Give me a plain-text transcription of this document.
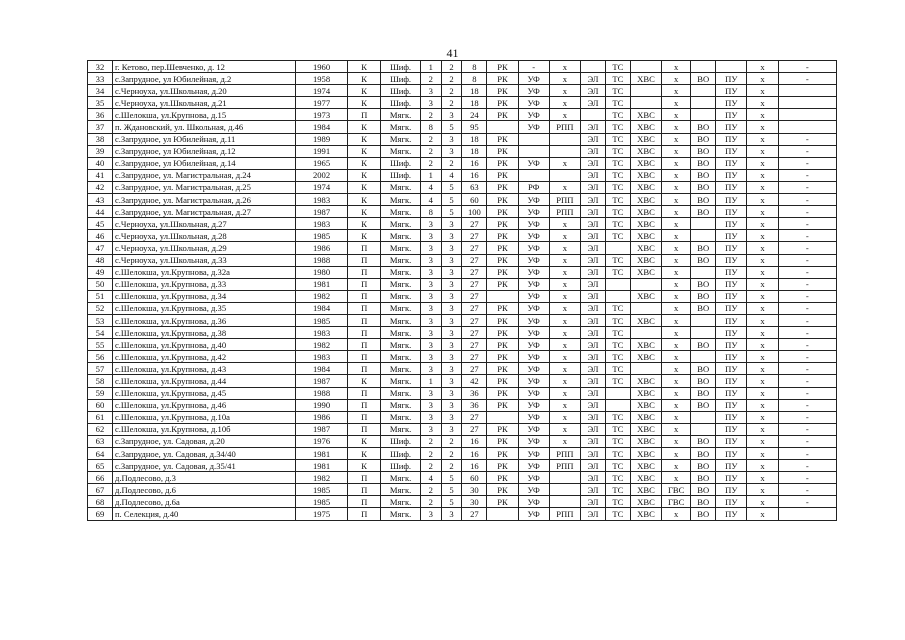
41
32	г. Кетово, пер.Шевченко, д. 12	1960	К	Шиф.	1	2	8	РК	-	х		ТС		х			х	-
33	с.Запрудное, ул Юбилейная, д.2	1958	К	Шиф.	2	2	8	РК	УФ	х	ЭЛ	ТС	ХВС	х	ВО	ПУ	х	-
34	с.Черноуха, ул.Школьная, д.20	1974	К	Шиф.	3	2	18	РК	УФ	х	ЭЛ	ТС		х		ПУ	х	
35	с.Черноуха, ул.Школьная, д.21	1977	К	Шиф.	3	2	18	РК	УФ	х	ЭЛ	ТС		х		ПУ	х	
36	с.Шелокша, ул.Крупнова, д.15	1973	П	Мягк.	2	3	24	РК	УФ	х		ТС	ХВС	х		ПУ	х	
37	п. Ждановский, ул. Школьная, д.46	1984	К	Мягк.	8	5	95		УФ	РПП	ЭЛ	ТС	ХВС	х	ВО	ПУ	х	
38	с.Запрудное, ул Юбилейная, д.11	1989	К	Мягк.	2	3	18	РК			ЭЛ	ТС	ХВС	х	ВО	ПУ	х	-
39	с.Запрудное, ул Юбилейная, д.12	1991	К	Мягк.	2	3	18	РК			ЭЛ	ТС	ХВС	х	ВО	ПУ	х	-
40	с.Запрудное, ул Юбилейная, д.14	1965	К	Шиф.	2	2	16	РК	УФ	х	ЭЛ	ТС	ХВС	х	ВО	ПУ	х	-
41	с.Запрудное, ул. Магистральная, д.24	2002	К	Шиф.	1	4	16	РК			ЭЛ	ТС	ХВС	х	ВО	ПУ	х	-
42	с.Запрудное, ул. Магистральная, д.25	1974	К	Мягк.	4	5	63	РК	РФ	х	ЭЛ	ТС	ХВС	х	ВО	ПУ	х	-
43	с.Запрудное, ул. Магистральная, д.26	1983	К	Мягк.	4	5	60	РК	УФ	РПП	ЭЛ	ТС	ХВС	х	ВО	ПУ	х	-
44	с.Запрудное, ул. Магистральная, д.27	1987	К	Мягк.	8	5	100	РК	УФ	РПП	ЭЛ	ТС	ХВС	х	ВО	ПУ	х	-
45	с.Черноуха, ул.Школьная, д.27	1983	К	Мягк.	3	3	27	РК	УФ	х	ЭЛ	ТС	ХВС	х		ПУ	х	-
46	с.Черноуха, ул.Школьная, д.28	1985	К	Мягк.	3	3	27	РК	УФ	х	ЭЛ	ТС	ХВС	х		ПУ	х	-
47	с.Черноуха, ул.Школьная, д.29	1986	П	Мягк.	3	3	27	РК	УФ	х	ЭЛ		ХВС	х	ВО	ПУ	х	-
48	с.Черноуха, ул.Школьная, д.33	1988	П	Мягк.	3	3	27	РК	УФ	х	ЭЛ	ТС	ХВС	х	ВО	ПУ	х	-
49	с.Шелокша, ул.Крупнова, д.32а	1980	П	Мягк.	3	3	27	РК	УФ	х	ЭЛ	ТС	ХВС	х		ПУ	х	-
50	с.Шелокша, ул.Крупнова, д.33	1981	П	Мягк.	3	3	27	РК	УФ	х	ЭЛ			х	ВО	ПУ	х	-
51	с.Шелокша, ул.Крупнова, д.34	1982	П	Мягк.	3	3	27		УФ	х	ЭЛ		ХВС	х	ВО	ПУ	х	-
52	с.Шелокша, ул.Крупнова, д.35	1984	П	Мягк.	3	3	27	РК	УФ	х	ЭЛ	ТС		х	ВО	ПУ	х	-
53	с.Шелокша, ул.Крупнова, д.36	1985	П	Мягк.	3	3	27	РК	УФ	х	ЭЛ	ТС	ХВС	х		ПУ	х	-
54	с.Шелокша, ул.Крупнова, д.38	1983	П	Мягк.	3	3	27	РК	УФ	х	ЭЛ	ТС		х		ПУ	х	-
55	с.Шелокша, ул.Крупнова, д.40	1982	П	Мягк.	3	3	27	РК	УФ	х	ЭЛ	ТС	ХВС	х	ВО	ПУ	х	-
56	с.Шелокша, ул.Крупнова, д.42	1983	П	Мягк.	3	3	27	РК	УФ	х	ЭЛ	ТС	ХВС	х		ПУ	х	-
57	с.Шелокша, ул.Крупнова, д.43	1984	П	Мягк.	3	3	27	РК	УФ	х	ЭЛ	ТС		х	ВО	ПУ	х	-
58	с.Шелокша, ул.Крупнова, д.44	1987	К	Мягк.	1	3	42	РК	УФ	х	ЭЛ	ТС	ХВС	х	ВО	ПУ	х	-
59	с.Шелокша, ул.Крупнова, д.45	1988	П	Мягк.	3	3	36	РК	УФ	х	ЭЛ		ХВС	х	ВО	ПУ	х	-
60	с.Шелокша, ул.Крупнова, д.46	1990	П	Мягк.	3	3	36	РК	УФ	х	ЭЛ		ХВС	х	ВО	ПУ	х	-
61	с.Шелокша, ул.Крупнова, д.10а	1986	П	Мягк.	3	3	27		УФ	х	ЭЛ	ТС	ХВС	х		ПУ	х	-
62	с.Шелокша, ул.Крупнова, д.10б	1987	П	Мягк.	3	3	27	РК	УФ	х	ЭЛ	ТС	ХВС	х		ПУ	х	-
63	с.Запрудное, ул. Садовая, д.20	1976	К	Шиф.	2	2	16	РК	УФ	х	ЭЛ	ТС	ХВС	х	ВО	ПУ	х	-
64	с.Запрудное, ул. Садовая, д.34/40	1981	К	Шиф.	2	2	16	РК	УФ	РПП	ЭЛ	ТС	ХВС	х	ВО	ПУ	х	-
65	с.Запрудное, ул. Садовая, д.35/41	1981	К	Шиф.	2	2	16	РК	УФ	РПП	ЭЛ	ТС	ХВС	х	ВО	ПУ	х	-
66	д.Подлесово, д.3	1982	П	Мягк.	4	5	60	РК	УФ		ЭЛ	ТС	ХВС	х	ВО	ПУ	х	-
67	д.Подлесово, д.6	1985	П	Мягк.	2	5	30	РК	УФ		ЭЛ	ТС	ХВС	ГВС	ВО	ПУ	х	-
68	д.Подлесово, д.6а	1985	П	Мягк.	2	5	30	РК	УФ		ЭЛ	ТС	ХВС	ГВС	ВО	ПУ	х	-
69	п. Селекция, д.40	1975	П	Мягк.	3	3	27		УФ	РПП	ЭЛ	ТС	ХВС	х	ВО	ПУ	х	
